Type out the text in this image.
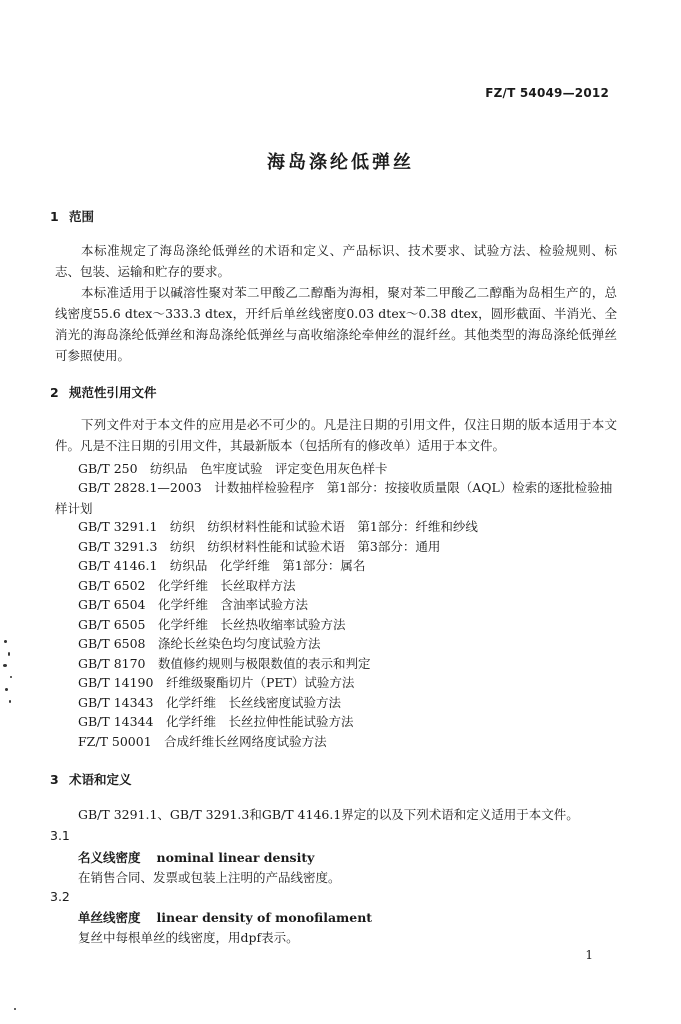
FZ/T 54049—2012
海岛涤纶低弹丝
1 范围
本标准规定了海岛涤纶低弹丝的术语和定义、产品标识、技术要求、试验方法、检验规则、标志、包装、运输和贮存的要求。
本标准适用于以碱溶性聚对苯二甲酸乙二醇酯为海相，聚对苯二甲酸乙二醇酯为岛相生产的，总线密度55.6 dtex～333.3 dtex，开纤后单丝线密度0.03 dtex～0.38 dtex，圆形截面、半消光、全消光的海岛涤纶低弹丝和海岛涤纶低弹丝与高收缩涤纶牵伸丝的混纤丝。其他类型的海岛涤纶低弹丝可参照使用。
2 规范性引用文件
下列文件对于本文件的应用是必不可少的。凡是注日期的引用文件，仅注日期的版本适用于本文件。凡是不注日期的引用文件，其最新版本（包括所有的修改单）适用于本文件。
GB/T 250　纺织品　色牢度试验　评定变色用灰色样卡
GB/T 2828.1—2003　计数抽样检验程序　第1部分：按接收质量限（AQL）检索的逐批检验抽样计划
GB/T 3291.1　纺织　纺织材料性能和试验术语　第1部分：纤维和纱线
GB/T 3291.3　纺织　纺织材料性能和试验术语　第3部分：通用
GB/T 4146.1　纺织品　化学纤维　第1部分：属名
GB/T 6502　化学纤维　长丝取样方法
GB/T 6504　化学纤维　含油率试验方法
GB/T 6505　化学纤维　长丝热收缩率试验方法
GB/T 6508　涤纶长丝染色均匀度试验方法
GB/T 8170　数值修约规则与极限数值的表示和判定
GB/T 14190　纤维级聚酯切片（PET）试验方法
GB/T 14343　化学纤维　长丝线密度试验方法
GB/T 14344　化学纤维　长丝拉伸性能试验方法
FZ/T 50001　合成纤维长丝网络度试验方法
3 术语和定义
GB/T 3291.1、GB/T 3291.3和GB/T 4146.1界定的以及下列术语和定义适用于本文件。
3.1
名义线密度 nominal linear density
在销售合同、发票或包装上注明的产品线密度。
3.2
单丝线密度 linear density of monofilament
复丝中每根单丝的线密度，用dpf表示。
1
